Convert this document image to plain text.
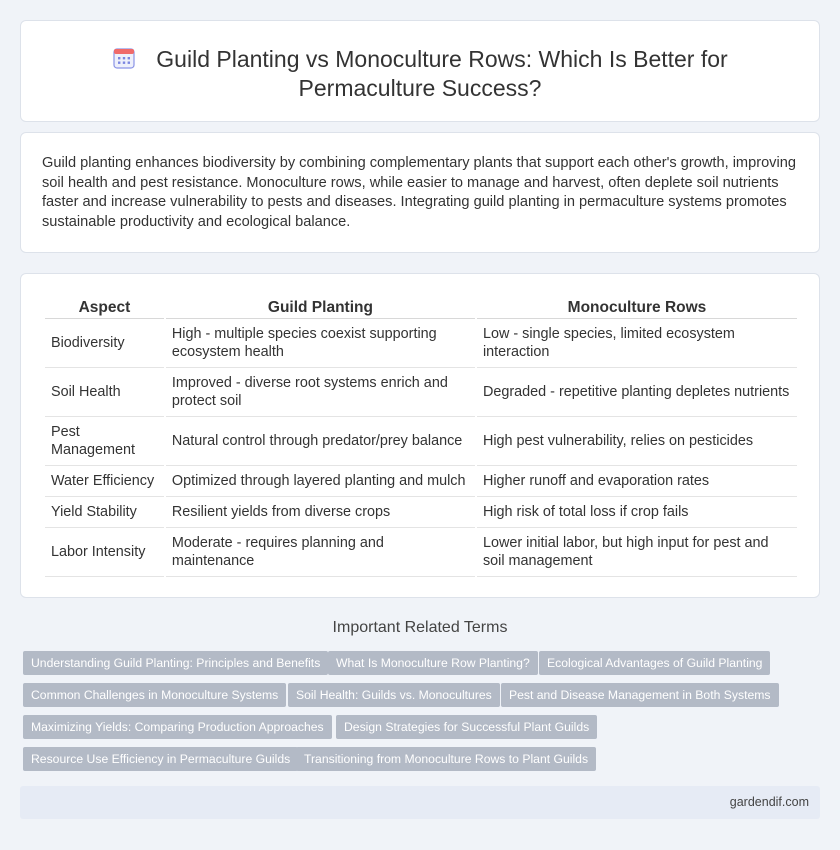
Guild Planting vs Monoculture Rows: Which Is Better for Permaculture Success?

Guild planting enhances biodiversity by combining complementary plants that support each other's growth, improving soil health and pest resistance. Monoculture rows, while easier to manage and harvest, often deplete soil nutrients faster and increase vulnerability to pests and diseases. Integrating guild planting in permaculture systems promotes sustainable productivity and ecological balance.

Aspect	Guild Planting	Monoculture Rows
Biodiversity	High - multiple species coexist supporting ecosystem health	Low - single species, limited ecosystem interaction
Soil Health	Improved - diverse root systems enrich and protect soil	Degraded - repetitive planting depletes nutrients
Pest Management	Natural control through predator/prey balance	High pest vulnerability, relies on pesticides
Water Efficiency	Optimized through layered planting and mulch	Higher runoff and evaporation rates
Yield Stability	Resilient yields from diverse crops	High risk of total loss if crop fails
Labor Intensity	Moderate - requires planning and maintenance	Lower initial labor, but high input for pest and soil management
Important Related Terms
Understanding Guild Planting: Principles and Benefits	What Is Monoculture Row Planting?	Ecological Advantages of Guild Planting
Common Challenges in Monoculture Systems	Soil Health: Guilds vs. Monocultures	Pest and Disease Management in Both Systems
Maximizing Yields: Comparing Production Approaches	Design Strategies for Successful Plant Guilds
Resource Use Efficiency in Permaculture Guilds	Transitioning from Monoculture Rows to Plant Guilds
gardendif.com
